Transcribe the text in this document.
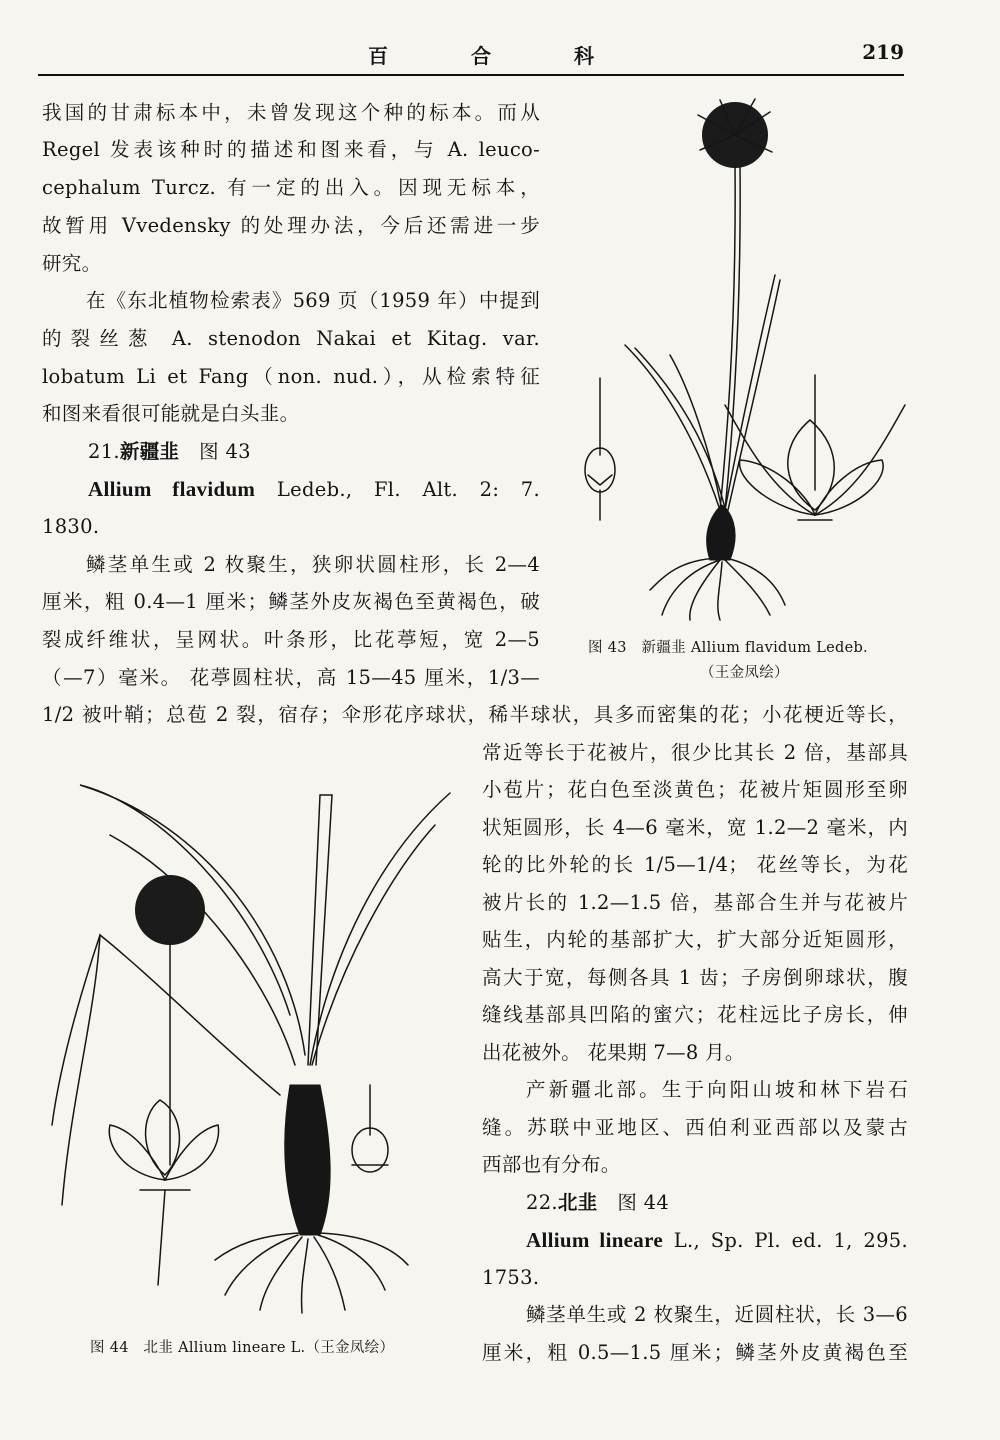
百 合 科	219
我国的甘肃标本中，未曾发现这个种的标本。而从
Regel 发表该种时的描述和图来看，与 A. leuco-
cephalum Turcz. 有一定的出入。因现无标本，
故暂用 Vvedensky 的处理办法，今后还需进一步
研究。
在《东北植物检索表》569 页（1959 年）中提到
的裂丝葱 A. stenodon Nakai et Kitag. var.
lobatum Li et Fang（non. nud.），从检索特征
和图来看很可能就是白头韭。
21.新疆韭　 图 43
Allium flavidum Ledeb., Fl. Alt. 2: 7.
1830.
鳞茎单生或 2 枚聚生，狭卵状圆柱形，长 2—4
厘米，粗 0.4—1 厘米；鳞茎外皮灰褐色至黄褐色，破
裂成纤维状，呈网状。叶条形，比花葶短，宽 2—5
（—7）毫米。 花葶圆柱状，高 15—45 厘米，1/3—
1/2 被叶鞘；总苞 2 裂，宿存；伞形花序球状，稀半球状，具多而密集的花；小花梗近等长，
常近等长于花被片，很少比其长 2 倍，基部具
小苞片；花白色至淡黄色；花被片矩圆形至卵
状矩圆形，长 4—6 毫米，宽 1.2—2 毫米，内
轮的比外轮的长 1/5—1/4； 花丝等长，为花
被片长的 1.2—1.5 倍，基部合生并与花被片
贴生，内轮的基部扩大，扩大部分近矩圆形，
高大于宽，每侧各具 1 齿；子房倒卵球状，腹
缝线基部具凹陷的蜜穴；花柱远比子房长，伸
出花被外。 花果期 7—8 月。
产新疆北部。生于向阳山坡和林下岩石
缝。苏联中亚地区、西伯利亚西部以及蒙古
西部也有分布。
22.北韭　 图 44
Allium lineare L., Sp. Pl. ed. 1, 295.
1753.
鳞茎单生或 2 枚聚生，近圆柱状，长 3—6
厘米，粗 0.5—1.5 厘米；鳞茎外皮黄褐色至
图 43　新疆韭 Allium flavidum Ledeb.
（王金凤绘）
图 44　北韭 Allium lineare L.（王金凤绘）
